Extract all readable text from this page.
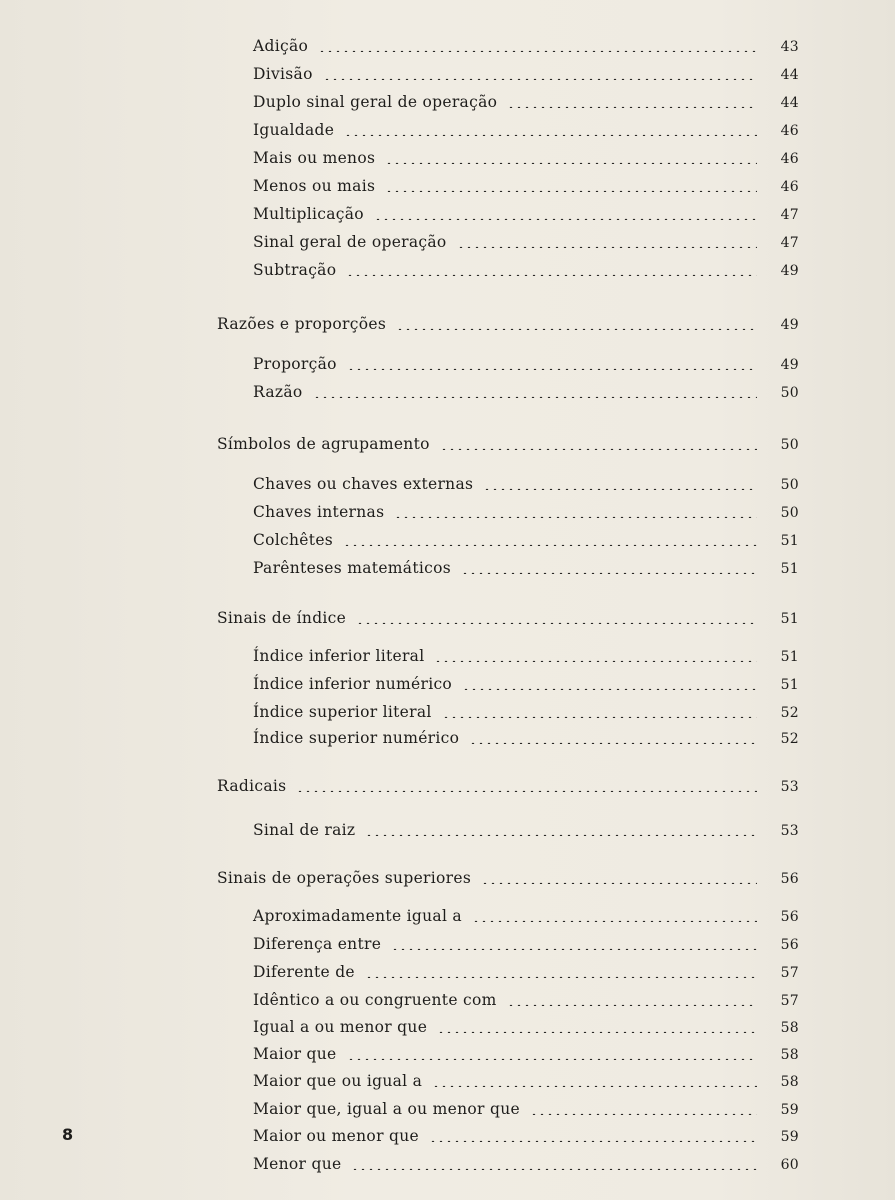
Adição	43
Divisão	44
Duplo sinal geral de operação	44
Igualdade	46
Mais ou menos	46
Menos ou mais	46
Multiplicação	47
Sinal geral de operação	47
Subtração	49
Razões e proporções	49
Proporção	49
Razão	50
Símbolos de agrupamento	50
Chaves ou chaves externas	50
Chaves internas	50
Colchêtes	51
Parênteses matemáticos	51
Sinais de índice	51
Índice inferior literal	51
Índice inferior numérico	51
Índice superior literal	52
Índice superior numérico	52
Radicais	53
Sinal de raiz	53
Sinais de operações superiores	56
Aproximadamente igual a	56
Diferença entre	56
Diferente de	57
Idêntico a ou congruente com	57
Igual a ou menor que	58
Maior que	58
Maior que ou igual a	58
Maior que, igual a ou menor que	59
Maior ou menor que	59
Menor que	60
8
